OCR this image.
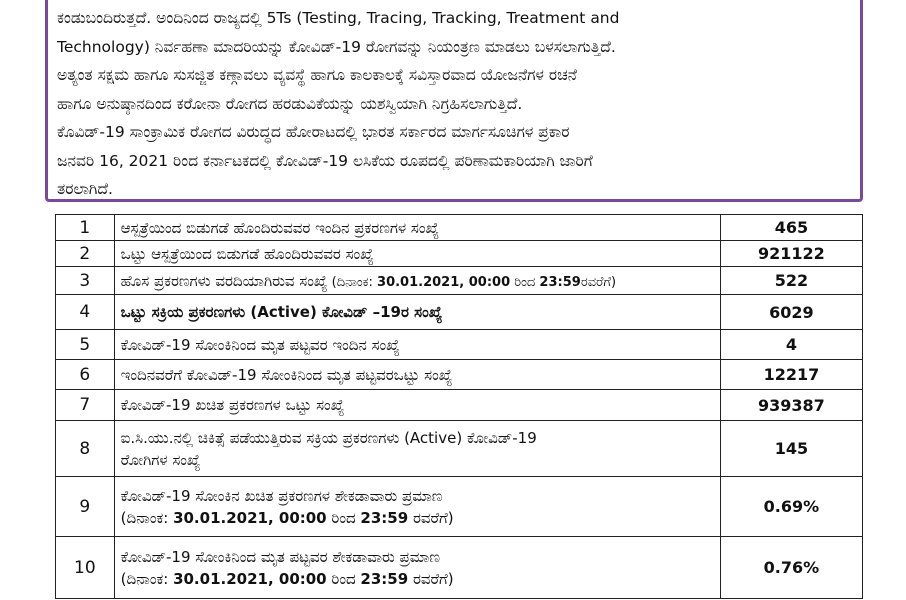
ಕಂಡುಬಂದಿರುತ್ತದೆ. ಅಂದಿನಿಂದ ರಾಜ್ಯದಲ್ಲಿ 5Ts (Testing, Tracing, Tracking, Treatment and
Technology) ನಿರ್ವಹಣಾ ಮಾದರಿಯನ್ನು ಕೋವಿಡ್-19 ರೋಗವನ್ನು ನಿಯಂತ್ರಣ ಮಾಡಲು ಬಳಸಲಾಗುತ್ತಿದೆ.
ಅತ್ಯಂತ ಸಕ್ಷಮ ಹಾಗೂ ಸುಸಜ್ಜಿತ ಕಣ್ಗಾವಲು ವ್ಯವಸ್ಥೆ ಹಾಗೂ ಕಾಲಕಾಲಕ್ಕೆ ಸವಿಸ್ತಾರವಾದ ಯೋಜನೆಗಳ ರಚನೆ
ಹಾಗೂ ಅನುಷ್ಠಾನದಿಂದ ಕರೋನಾ ರೋಗದ ಹರಡುವಿಕೆಯನ್ನು ಯಶಸ್ವಿಯಾಗಿ ನಿಗ್ರಹಿಸಲಾಗುತ್ತಿದೆ.
ಕೊವಿಡ್-19 ಸಾಂಕ್ರಾಮಿಕ ರೋಗದ ವಿರುದ್ಧದ ಹೋರಾಟದಲ್ಲಿ ಭಾರತ ಸರ್ಕಾರದ ಮಾರ್ಗಸೂಚಿಗಳ ಪ್ರಕಾರ
ಜನವರಿ 16, 2021 ರಿಂದ ಕರ್ನಾಟಕದಲ್ಲಿ ಕೋವಿಡ್-19 ಲಸಿಕೆಯ ರೂಪದಲ್ಲಿ ಪರಿಣಾಮಕಾರಿಯಾಗಿ ಜಾರಿಗೆ
ತರಲಾಗಿದೆ.
1	ಆಸ್ಪತ್ರೆಯಿಂದ ಬಿಡುಗಡೆ ಹೊಂದಿರುವವರ ಇಂದಿನ ಪ್ರಕರಣಗಳ ಸಂಖ್ಯೆ	465
2	ಒಟ್ಟು ಆಸ್ಪತ್ರೆಯಿಂದ ಬಿಡುಗಡೆ ಹೊಂದಿರುವವರ ಸಂಖ್ಯೆ	921122
3	ಹೊಸ ಪ್ರಕರಣಗಳು ವರದಿಯಾಗಿರುವ ಸಂಖ್ಯೆ (ದಿನಾಂಕ: 30.01.2021, 00:00 ರಿಂದ 23:59ರವರೆಗೆ)	522
4	ಒಟ್ಟು ಸಕ್ರಿಯ ಪ್ರಕರಣಗಳು (Active) ಕೋವಿಡ್ –19ರ ಸಂಖ್ಯೆ	6029
5	ಕೋವಿಡ್-19 ಸೋಂಕಿನಿಂದ ಮೃತ ಪಟ್ಟವರ ಇಂದಿನ ಸಂಖ್ಯೆ	4
6	ಇಂದಿನವರೆಗೆ ಕೋವಿಡ್-19 ಸೋಂಕಿನಿಂದ ಮೃತ ಪಟ್ಟವರಒಟ್ಟು ಸಂಖ್ಯೆ	12217
7	ಕೋವಿಡ್-19 ಖಚಿತ ಪ್ರಕರಣಗಳ ಒಟ್ಟು ಸಂಖ್ಯೆ	939387
8	ಐ.ಸಿ.ಯು.ನಲ್ಲಿ ಚಿಕಿತ್ಸೆ ಪಡೆಯುತ್ತಿರುವ ಸಕ್ರಿಯ ಪ್ರಕರಣಗಳು (Active) ಕೋವಿಡ್-19
ರೋಗಿಗಳ ಸಂಖ್ಯೆ	145
9	ಕೋವಿಡ್-19 ಸೋಂಕಿನ ಖಚಿತ ಪ್ರಕರಣಗಳ ಶೇಕಡಾವಾರು ಪ್ರಮಾಣ
(ದಿನಾಂಕ: 30.01.2021, 00:00 ರಿಂದ 23:59 ರವರೆಗೆ)	0.69%
10	ಕೋವಿಡ್-19 ಸೋಂಕಿನಿಂದ ಮೃತ ಪಟ್ಟವರ ಶೇಕಡಾವಾರು ಪ್ರಮಾಣ
(ದಿನಾಂಕ: 30.01.2021, 00:00 ರಿಂದ 23:59 ರವರೆಗೆ)	0.76%
